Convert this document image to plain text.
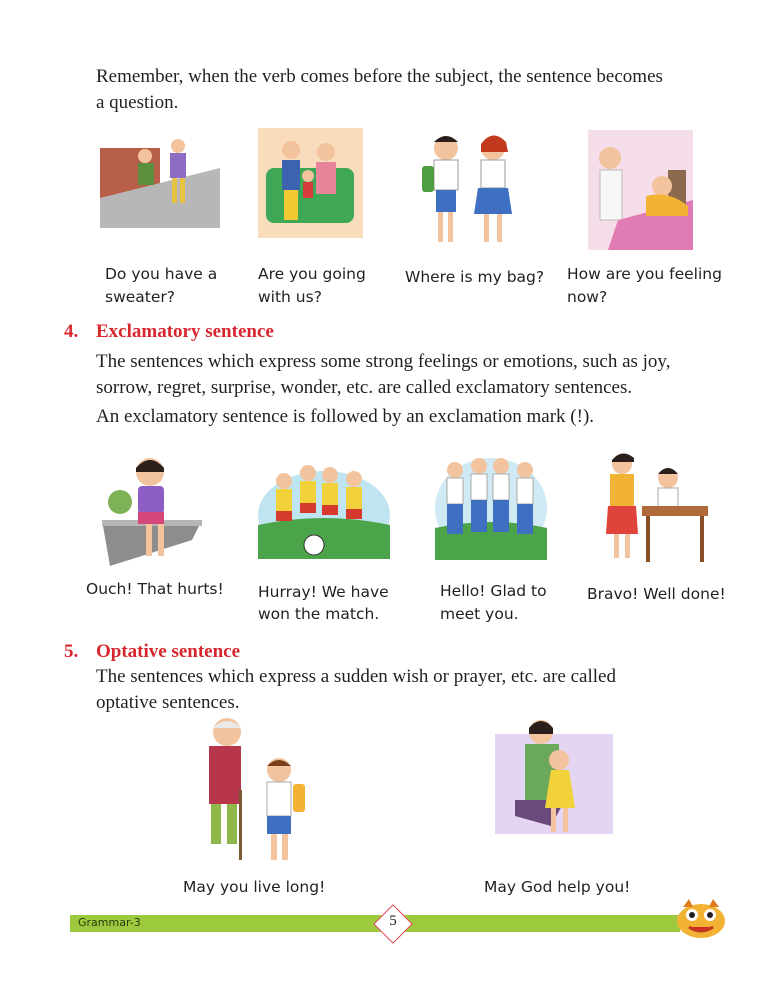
Remember, when the verb comes before the subject, the sentence becomes
a question.
Do you have a
sweater?
Are you going
with us?
Where is my bag? How are you feeling
now?
4. Exclamatory sentence
The sentences which express some strong feelings or emotions, such as joy,
sorrow, regret, surprise, wonder, etc. are called exclamatory sentences.
An exclamatory sentence is followed by an exclamation mark (!).
Ouch! That hurts! Hurray! We have
won the match.
Hello! Glad to
meet you.
Bravo! Well done!
5. Optative sentence
The sentences which express a sudden wish or prayer, etc. are called
optative sentences.
May you live long!	May God help you!
Grammar-3	5
